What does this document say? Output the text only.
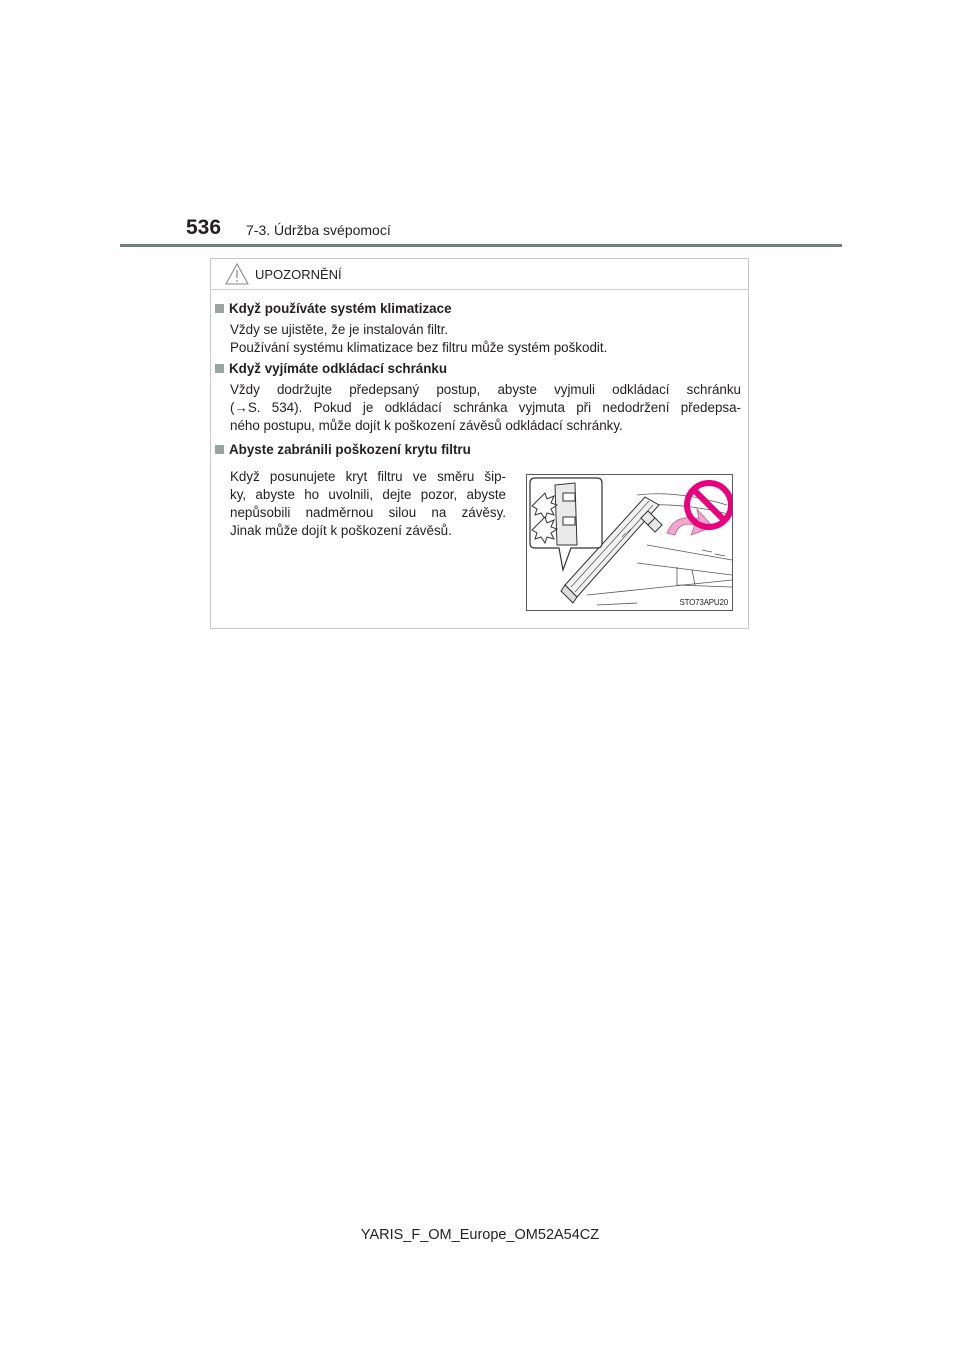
536 7-3. Údržba svépomocí
UPOZORNĚNÍ
Když používáte systém klimatizace
Vždy se ujistěte, že je instalován filtr.
Používání systému klimatizace bez filtru může systém poškodit.
Když vyjímáte odkládací schránku
Vždy dodržujte předepsaný postup, abyste vyjmuli odkládací schránku
(→S. 534). Pokud je odkládací schránka vyjmuta při nedodržení předepsa-
ného postupu, může dojít k poškození závěsů odkládací schránky.
Abyste zabránili poškození krytu filtru
Když posunujete kryt filtru ve směru šip-
ky, abyste ho uvolnili, dejte pozor, abyste
nepůsobili nadměrnou silou na závěsy.
Jinak může dojít k poškození závěsů.
STO73APU20
YARIS_F_OM_Europe_OM52A54CZ
